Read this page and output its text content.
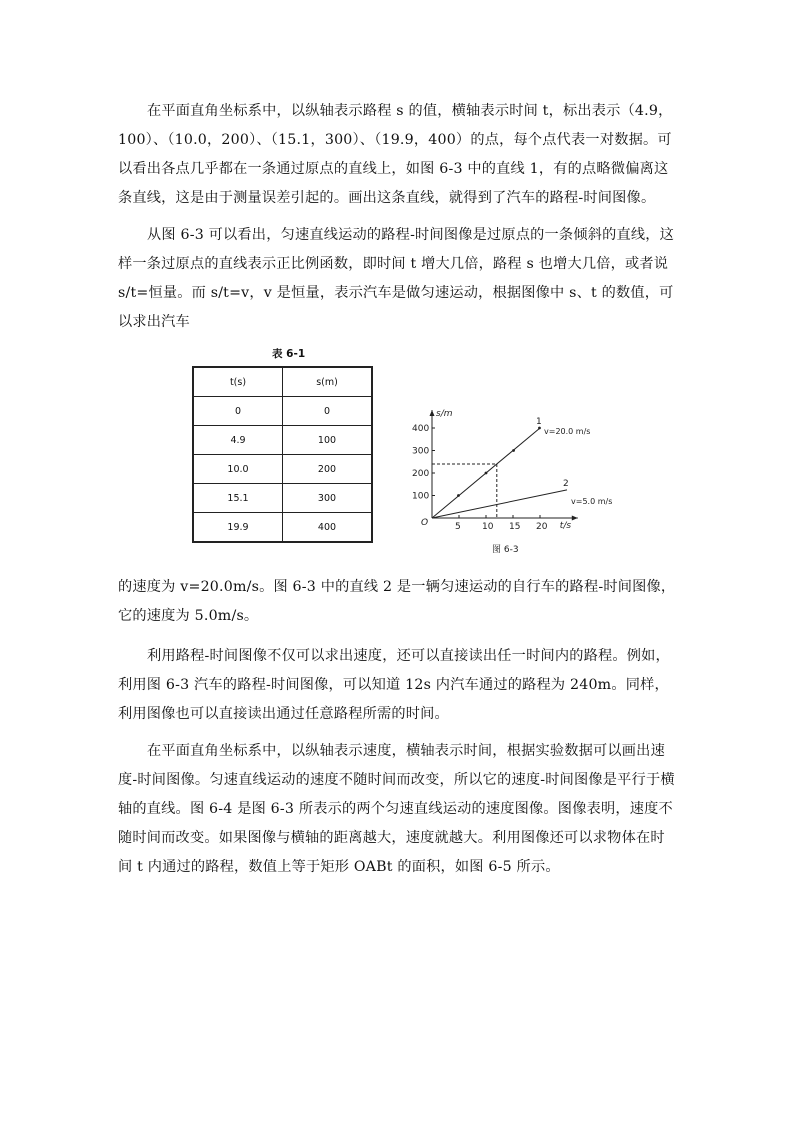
在平面直角坐标系中，以纵轴表示路程 s 的值，横轴表示时间 t，标出表示（4.9，100）、（10.0，200）、（15.1，300）、（19.9，400）的点，每个点代表一对数据。可以看出各点几乎都在一条通过原点的直线上，如图 6-3 中的直线 1，有的点略微偏离这条直线，这是由于测量误差引起的。画出这条直线，就得到了汽车的路程-时间图像。

从图 6-3 可以看出，匀速直线运动的路程-时间图像是过原点的一条倾斜的直线，这样一条过原点的直线表示正比例函数，即时间 t 增大几倍，路程 s 也增大几倍，或者说 s/t=恒量。而 s/t=v，v 是恒量，表示汽车是做匀速运动，根据图像中 s、t 的数值，可以求出汽车

表 6-1
t(s)	s(m)
0	0
4.9	100
10.0	200
15.1	300
19.9	400	t/s
s/m
O	5 10 15 20
100
200
300
400
1
v=20.0 m/s
2
v=5.0 m/s
图 6-3

的速度为 v=20.0m/s。图 6-3 中的直线 2 是一辆匀速运动的自行车的路程-时间图像，它的速度为 5.0m/s。

利用路程-时间图像不仅可以求出速度，还可以直接读出任一时间内的路程。例如，利用图 6-3 汽车的路程-时间图像，可以知道 12s 内汽车通过的路程为 240m。同样，利用图像也可以直接读出通过任意路程所需的时间。

在平面直角坐标系中，以纵轴表示速度，横轴表示时间，根据实验数据可以画出速度-时间图像。匀速直线运动的速度不随时间而改变，所以它的速度-时间图像是平行于横轴的直线。图 6-4 是图 6-3 所表示的两个匀速直线运动的速度图像。图像表明，速度不随时间而改变。如果图像与横轴的距离越大，速度就越大。利用图像还可以求物体在时间 t 内通过的路程，数值上等于矩形 OABt 的面积，如图 6-5 所示。
